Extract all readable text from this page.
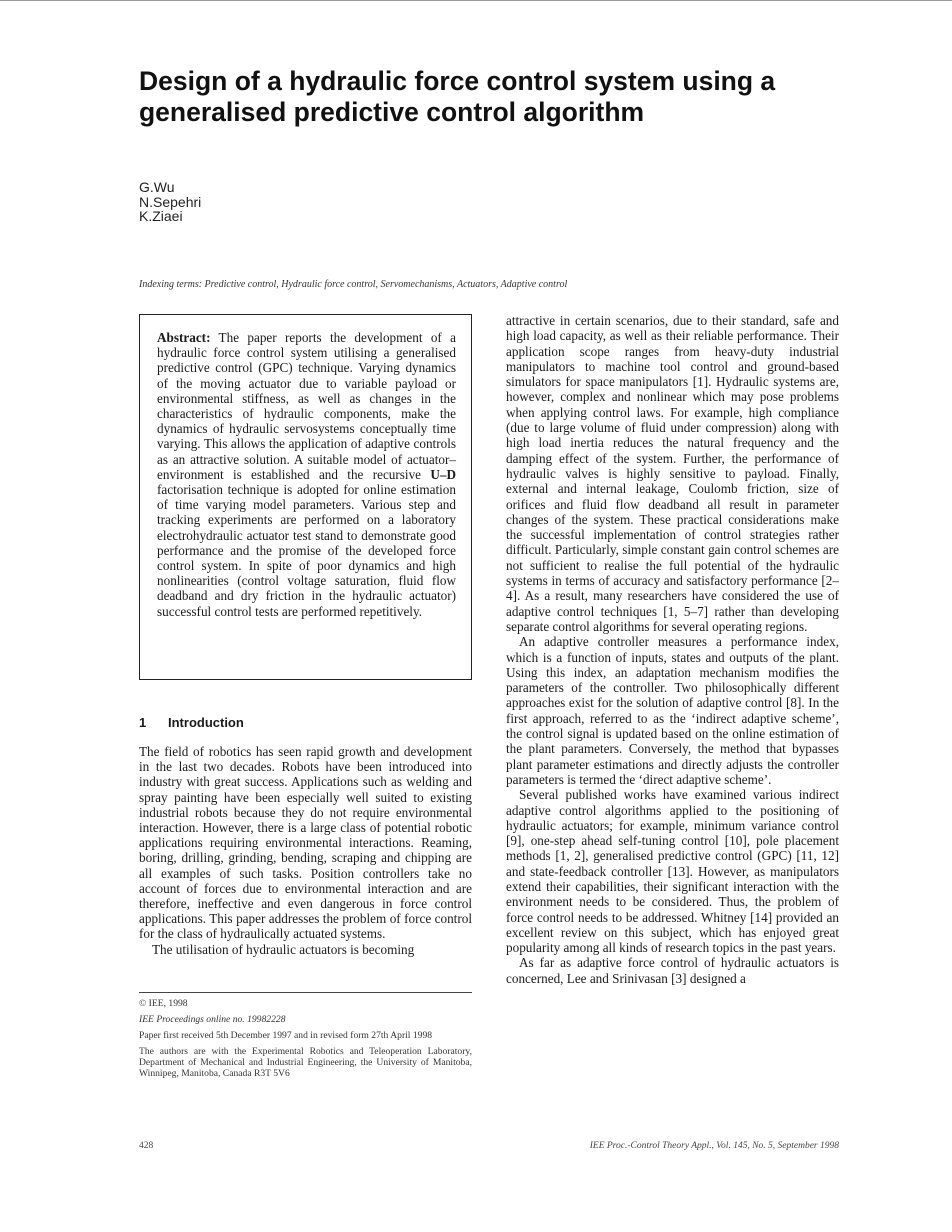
Design of a hydraulic force control system using a generalised predictive control algorithm
G.Wu
N.Sepehri
K.Ziaei
Indexing terms: Predictive control, Hydraulic force control, Servomechanisms, Actuators, Adaptive control

Abstract: The paper reports the development of a hydraulic force control system utilising a generalised predictive control (GPC) technique. Varying dynamics of the moving actuator due to variable payload or environmental stiffness, as well as changes in the characteristics of hydraulic components, make the dynamics of hydraulic servosystems conceptually time varying. This allows the application of adaptive controls as an attractive solution. A suitable model of actuator–environment is established and the recursive U–D factorisation technique is adopted for online estimation of time varying model parameters. Various step and tracking experiments are performed on a laboratory electrohydraulic actuator test stand to demonstrate good performance and the promise of the developed force control system. In spite of poor dynamics and high nonlinearities (control voltage saturation, fluid flow deadband and dry friction in the hydraulic actuator) successful control tests are performed repetitively.

1 Introduction

The field of robotics has seen rapid growth and development in the last two decades. Robots have been introduced into industry with great success. Applications such as welding and spray painting have been especially well suited to existing industrial robots because they do not require environmental interaction. However, there is a large class of potential robotic applications requiring environmental interactions. Reaming, boring, drilling, grinding, bending, scraping and chipping are all examples of such tasks. Position controllers take no account of forces due to environmental interaction and are therefore, ineffective and even dangerous in force control applications. This paper addresses the problem of force control for the class of hydraulically actuated systems.

The utilisation of hydraulic actuators is becoming

© IEE, 1998

IEE Proceedings online no. 19982228

Paper first received 5th December 1997 and in revised form 27th April 1998

The authors are with the Experimental Robotics and Teleoperation Laboratory, Department of Mechanical and Industrial Engineering, the University of Manitoba, Winnipeg, Manitoba, Canada R3T 5V6

attractive in certain scenarios, due to their standard, safe and high load capacity, as well as their reliable performance. Their application scope ranges from heavy-duty industrial manipulators to machine tool control and ground-based simulators for space manipulators [1]. Hydraulic systems are, however, complex and nonlinear which may pose problems when applying control laws. For example, high compliance (due to large volume of fluid under compression) along with high load inertia reduces the natural frequency and the damping effect of the system. Further, the performance of hydraulic valves is highly sensitive to payload. Finally, external and internal leakage, Coulomb friction, size of orifices and fluid flow deadband all result in parameter changes of the system. These practical considerations make the successful implementation of control strategies rather difficult. Particularly, simple constant gain control schemes are not sufficient to realise the full potential of the hydraulic systems in terms of accuracy and satisfactory performance [2–4]. As a result, many researchers have considered the use of adaptive control techniques [1, 5–7] rather than developing separate control algorithms for several operating regions.

An adaptive controller measures a performance index, which is a function of inputs, states and outputs of the plant. Using this index, an adaptation mechanism modifies the parameters of the controller. Two philosophically different approaches exist for the solution of adaptive control [8]. In the first approach, referred to as the ‘indirect adaptive scheme’, the control signal is updated based on the online estimation of the plant parameters. Conversely, the method that bypasses plant parameter estimations and directly adjusts the controller parameters is termed the ‘direct adaptive scheme’.

Several published works have examined various indirect adaptive control algorithms applied to the positioning of hydraulic actuators; for example, minimum variance control [9], one-step ahead self-tuning control [10], pole placement methods [1, 2], generalised predictive control (GPC) [11, 12] and state-feedback controller [13]. However, as manipulators extend their capabilities, their significant interaction with the environment needs to be considered. Thus, the problem of force control needs to be addressed. Whitney [14] provided an excellent review on this subject, which has enjoyed great popularity among all kinds of research topics in the past years.

As far as adaptive force control of hydraulic actuators is concerned, Lee and Srinivasan [3] designed a

428	IEE Proc.-Control Theory Appl., Vol. 145, No. 5, September 1998
